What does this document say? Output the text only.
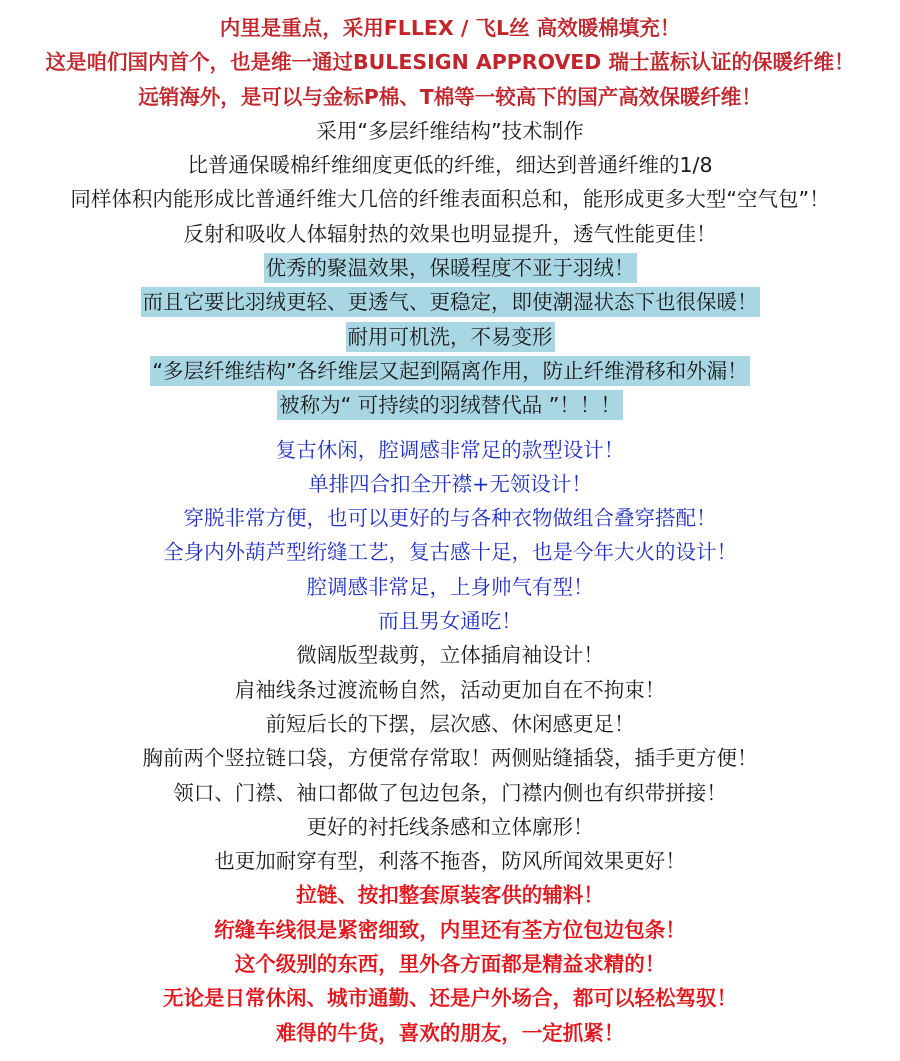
内里是重点，采用FLLEX / 飞L丝 高效暖棉填充！
这是咱们国内首个，也是维一通过BULESIGN APPROVED 瑞士蓝标认证的保暖纤维！
远销海外，是可以与金标P棉、T棉等一较高下的国产高效保暖纤维！
采用“多层纤维结构”技术制作
比普通保暖棉纤维细度更低的纤维，细达到普通纤维的1/8
同样体积内能形成比普通纤维大几倍的纤维表面积总和，能形成更多大型“空气包”！
反射和吸收人体辐射热的效果也明显提升，透气性能更佳！
优秀的聚温效果，保暖程度不亚于羽绒！
而且它要比羽绒更轻、更透气、更稳定，即使潮湿状态下也很保暖！
耐用可机洗，不易变形
“多层纤维结构”各纤维层又起到隔离作用，防止纤维滑移和外漏！
被称为“ 可持续的羽绒替代品 ”！！！
复古休闲，腔调感非常足的款型设计！
单排四合扣全开襟+无领设计！
穿脱非常方便，也可以更好的与各种衣物做组合叠穿搭配！
全身内外葫芦型绗缝工艺，复古感十足，也是今年大火的设计！
腔调感非常足，上身帅气有型！
而且男女通吃！
微阔版型裁剪，立体插肩袖设计！
肩袖线条过渡流畅自然，活动更加自在不拘束！
前短后长的下摆，层次感、休闲感更足！
胸前两个竖拉链口袋，方便常存常取！两侧贴缝插袋，插手更方便！
领口、门襟、袖口都做了包边包条，门襟内侧也有织带拼接！
更好的衬托线条感和立体廓形！
也更加耐穿有型，利落不拖沓，防风所闻效果更好！
拉链、按扣整套原装客供的辅料！
绗缝车线很是紧密细致，内里还有荃方位包边包条！
这个级别的东西，里外各方面都是精益求精的！
无论是日常休闲、城市通勤、还是户外场合，都可以轻松驾驭！
难得的牛货，喜欢的朋友，一定抓紧！
